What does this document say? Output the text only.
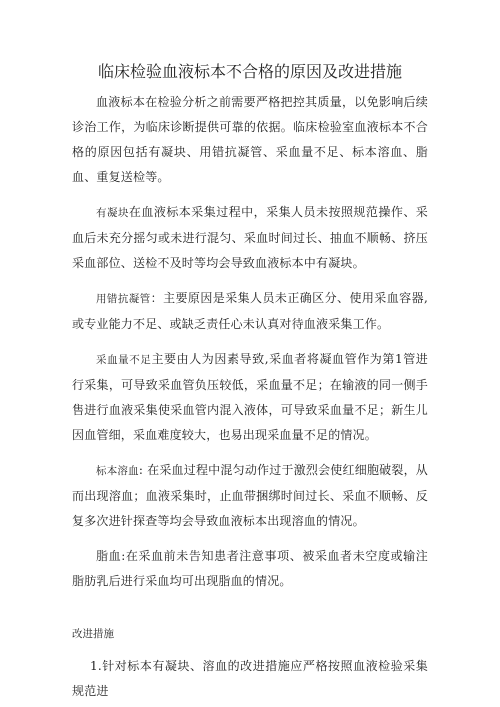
临床检验血液标本不合格的原因及改进措施

血液标本在检验分析之前需要严格把控其质量，以免影响后续诊治工作，为临床诊断提供可靠的依据。临床检验室血液标本不合格的原因包括有凝块、用错抗凝管、采血量不足、标本溶血、脂血、重复送检等。

有凝块在血液标本采集过程中，采集人员未按照规范操作、采血后未充分摇匀或未进行混匀、采血时间过长、抽血不顺畅、挤压采血部位、送检不及时等均会导致血液标本中有凝块。

用错抗凝管：主要原因是采集人员未正确区分、使用采血容器,或专业能力不足、或缺乏责任心未认真对待血液采集工作。

采血量不足主要由人为因素导致,采血者将凝血管作为第1管进行采集，可导致采血管负压较低，采血量不足；在输液的同一侧手售进行血液采集使采血管内混入液体，可导致采血量不足；新生儿因血管细，采血难度较大，也易出现采血量不足的情况。

标本溶血: 在采血过程中混匀动作过于激烈会使红细胞破裂，从而出现溶血；血液采集时，止血带捆绑时间过长、采血不顺畅、反复多次进针探查等均会导致血液标本出现溶血的情况。

脂血:在采血前未告知患者注意事项、被采血者未空度或输注脂肪乳后进行采血均可出现脂血的情况。

改进措施

1.针对标本有凝块、溶血的改进措施应严格按照血液检验采集规范进
